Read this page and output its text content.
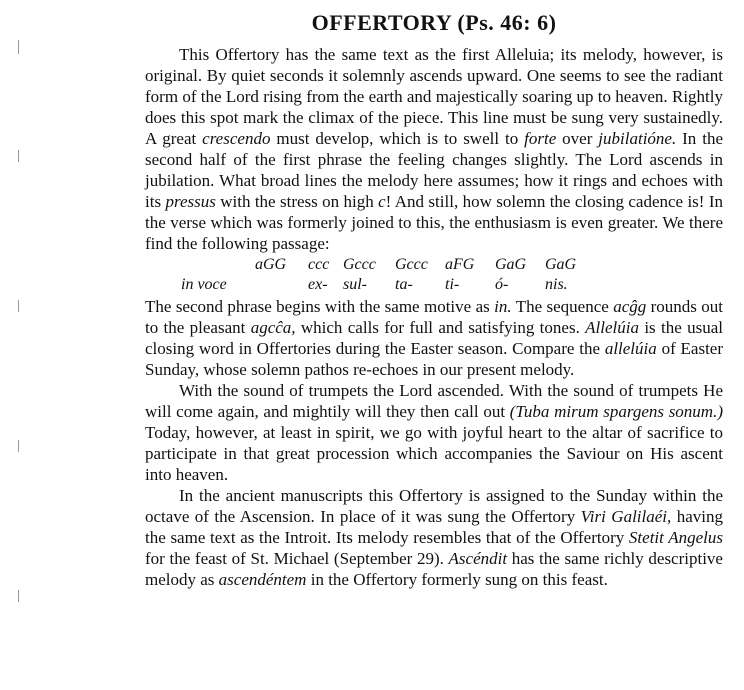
OFFERTORY (Ps. 46: 6)

This Offertory has the same text as the first Alleluia; its melody, however, is original. By quiet seconds it solemnly ascends upward. One seems to see the radiant form of the Lord rising from the earth and majestically soaring up to heaven. Rightly does this spot mark the climax of the piece. This line must be sung very sustainedly. A great crescendo must develop, which is to swell to forte over jubilatióne. In the second half of the first phrase the feeling changes slightly. The Lord ascends in jubilation. What broad lines the melody here assumes; how it rings and echoes with its pressus with the stress on high c! And still, how solemn the closing cadence is! In the verse which was formerly joined to this, the enthusiasm is even greater. We there find the following passage:

aGG ccc Gccc Gccc aFG GaG GaG
in voce	ex- sul- ta- ti- ó- nis.

The second phrase begins with the same motive as in. The sequence acĝg rounds out to the pleasant agcĉa, which calls for full and satisfying tones. Allelúia is the usual closing word in Offertories during the Easter season. Compare the allelúia of Easter Sunday, whose solemn pathos re-echoes in our present melody.

With the sound of trumpets the Lord ascended. With the sound of trumpets He will come again, and mightily will they then call out (Tuba mirum spargens sonum.) Today, however, at least in spirit, we go with joyful heart to the altar of sacrifice to participate in that great procession which accompanies the Saviour on His ascent into heaven.

In the ancient manuscripts this Offertory is assigned to the Sunday within the octave of the Ascension. In place of it was sung the Offertory Viri Galilaéi, having the same text as the Introit. Its melody resembles that of the Offertory Stetit Angelus for the feast of St. Michael (September 29). Ascéndit has the same richly descriptive melody as ascendéntem in the Offertory formerly sung on this feast.
